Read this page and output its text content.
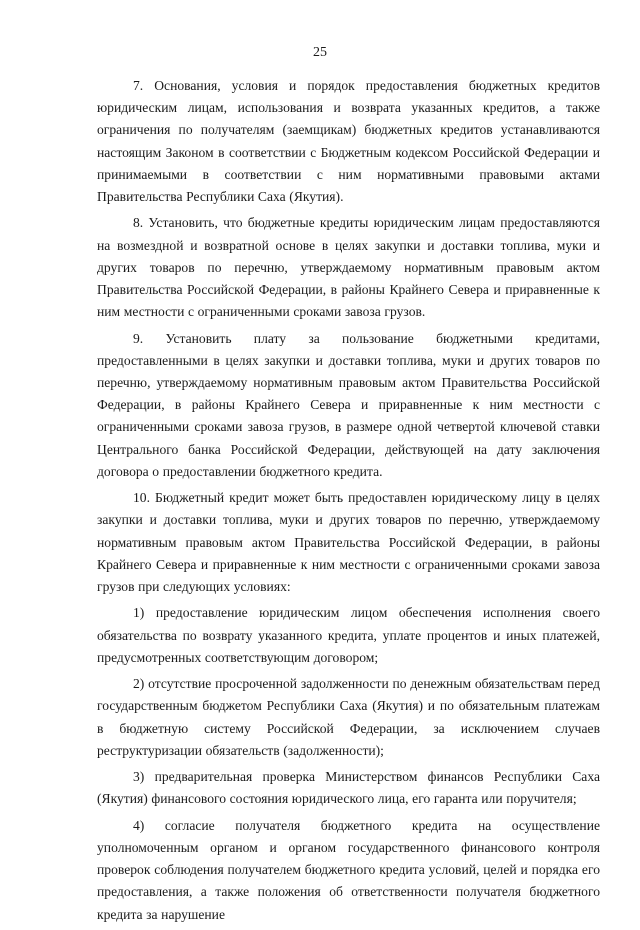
25

7. Основания, условия и порядок предоставления бюджетных кредитов юридическим лицам, использования и возврата указанных кредитов, а также ограничения по получателям (заемщикам) бюджетных кредитов устанавливаются настоящим Законом в соответствии с Бюджетным кодексом Российской Федерации и принимаемыми в соответствии с ним нормативными правовыми актами Правительства Республики Саха (Якутия).

8. Установить, что бюджетные кредиты юридическим лицам предоставляются на возмездной и возвратной основе в целях закупки и доставки топлива, муки и других товаров по перечню, утверждаемому нормативным правовым актом Правительства Российской Федерации, в районы Крайнего Севера и приравненные к ним местности с ограниченными сроками завоза грузов.

9. Установить плату за пользование бюджетными кредитами, предоставленными в целях закупки и доставки топлива, муки и других товаров по перечню, утверждаемому нормативным правовым актом Правительства Российской Федерации, в районы Крайнего Севера и приравненные к ним местности с ограниченными сроками завоза грузов, в размере одной четвертой ключевой ставки Центрального банка Российской Федерации, действующей на дату заключения договора о предоставлении бюджетного кредита.

10. Бюджетный кредит может быть предоставлен юридическому лицу в целях закупки и доставки топлива, муки и других товаров по перечню, утверждаемому нормативным правовым актом Правительства Российской Федерации, в районы Крайнего Севера и приравненные к ним местности с ограниченными сроками завоза грузов при следующих условиях:

1) предоставление юридическим лицом обеспечения исполнения своего обязательства по возврату указанного кредита, уплате процентов и иных платежей, предусмотренных соответствующим договором;

2) отсутствие просроченной задолженности по денежным обязательствам перед государственным бюджетом Республики Саха (Якутия) и по обязательным платежам в бюджетную систему Российской Федерации, за исключением случаев реструктуризации обязательств (задолженности);

3) предварительная проверка Министерством финансов Республики Саха (Якутия) финансового состояния юридического лица, его гаранта или поручителя;

4) согласие получателя бюджетного кредита на осуществление уполномоченным органом и органом государственного финансового контроля проверок соблюдения получателем бюджетного кредита условий, целей и порядка его предоставления, а также положения об ответственности получателя бюджетного кредита за нарушение
